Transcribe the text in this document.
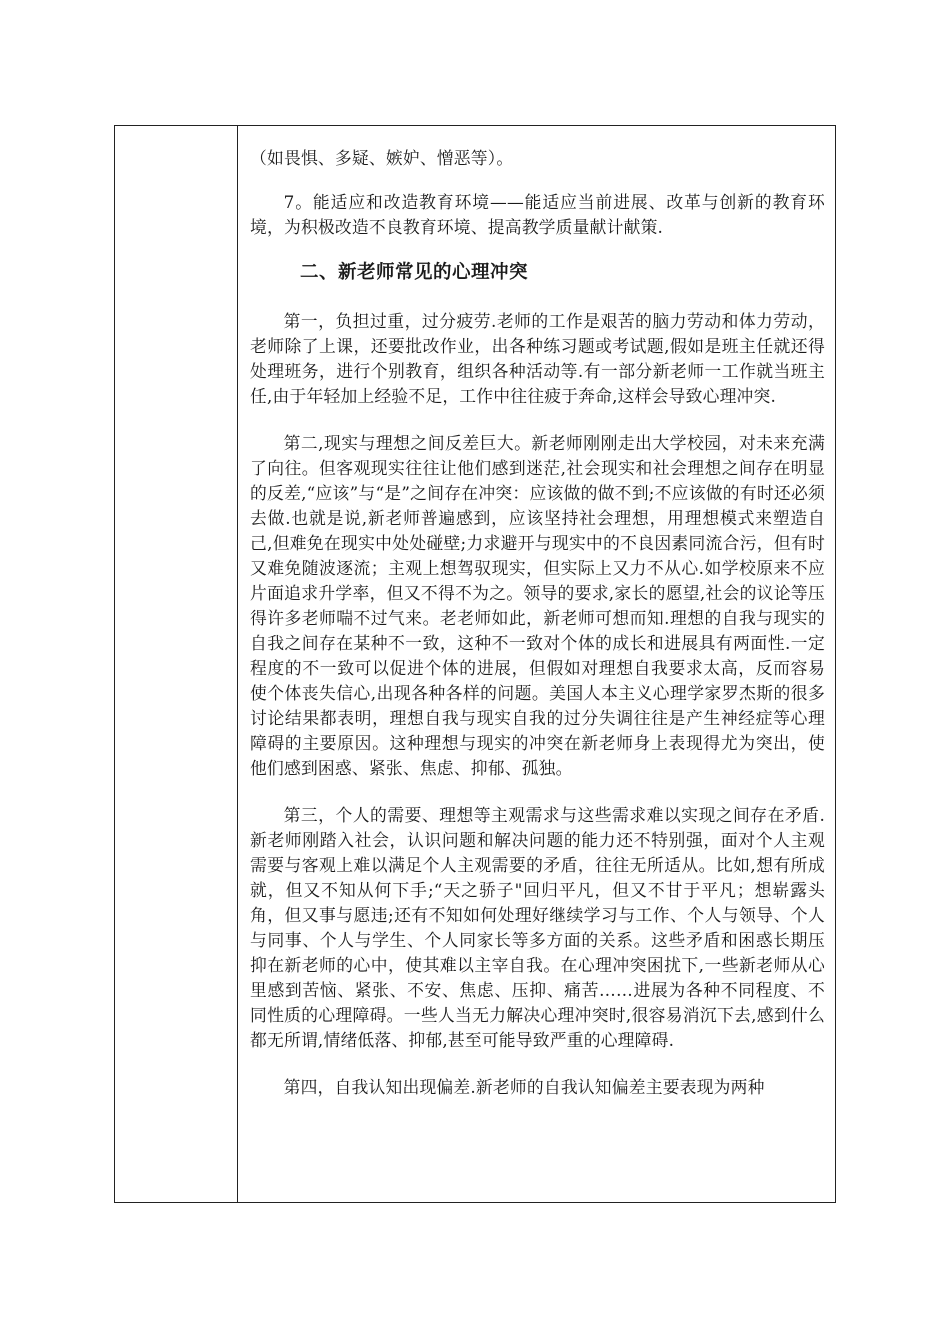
（如畏惧、多疑、嫉妒、憎恶等）。

7。能适应和改造教育环境——能适应当前进展、改革与创新的教育环境，为积极改造不良教育环境、提高教学质量献计献策.

二、新老师常见的心理冲突

第一，负担过重，过分疲劳.老师的工作是艰苦的脑力劳动和体力劳动，老师除了上课，还要批改作业，出各种练习题或考试题,假如是班主任就还得处理班务，进行个别教育，组织各种活动等.有一部分新老师一工作就当班主任,由于年轻加上经验不足，工作中往往疲于奔命,这样会导致心理冲突.

第二,现实与理想之间反差巨大。新老师刚刚走出大学校园，对未来充满了向往。但客观现实往往让他们感到迷茫,社会现实和社会理想之间存在明显的反差,“应该”与“是”之间存在冲突：应该做的做不到;不应该做的有时还必须去做.也就是说,新老师普遍感到，应该坚持社会理想，用理想模式来塑造自己,但难免在现实中处处碰壁;力求避开与现实中的不良因素同流合污，但有时又难免随波逐流；主观上想驾驭现实，但实际上又力不从心.如学校原来不应片面追求升学率，但又不得不为之。领导的要求,家长的愿望,社会的议论等压得许多老师喘不过气来。老老师如此，新老师可想而知.理想的自我与现实的自我之间存在某种不一致，这种不一致对个体的成长和进展具有两面性.一定程度的不一致可以促进个体的进展，但假如对理想自我要求太高，反而容易使个体丧失信心,出现各种各样的问题。美国人本主义心理学家罗杰斯的很多讨论结果都表明，理想自我与现实自我的过分失调往往是产生神经症等心理障碍的主要原因。这种理想与现实的冲突在新老师身上表现得尤为突出，使他们感到困惑、紧张、焦虑、抑郁、孤独。

第三，个人的需要、理想等主观需求与这些需求难以实现之间存在矛盾.新老师刚踏入社会，认识问题和解决问题的能力还不特别强，面对个人主观需要与客观上难以满足个人主观需要的矛盾，往往无所适从。比如,想有所成就，但又不知从何下手;“天之骄子"回归平凡，但又不甘于平凡；想崭露头角，但又事与愿违;还有不知如何处理好继续学习与工作、个人与领导、个人与同事、个人与学生、个人同家长等多方面的关系。这些矛盾和困惑长期压抑在新老师的心中，使其难以主宰自我。在心理冲突困扰下,一些新老师从心里感到苦恼、紧张、不安、焦虑、压抑、痛苦……进展为各种不同程度、不同性质的心理障碍。一些人当无力解决心理冲突时,很容易消沉下去,感到什么都无所谓,情绪低落、抑郁,甚至可能导致严重的心理障碍.

第四，自我认知出现偏差.新老师的自我认知偏差主要表现为两种
